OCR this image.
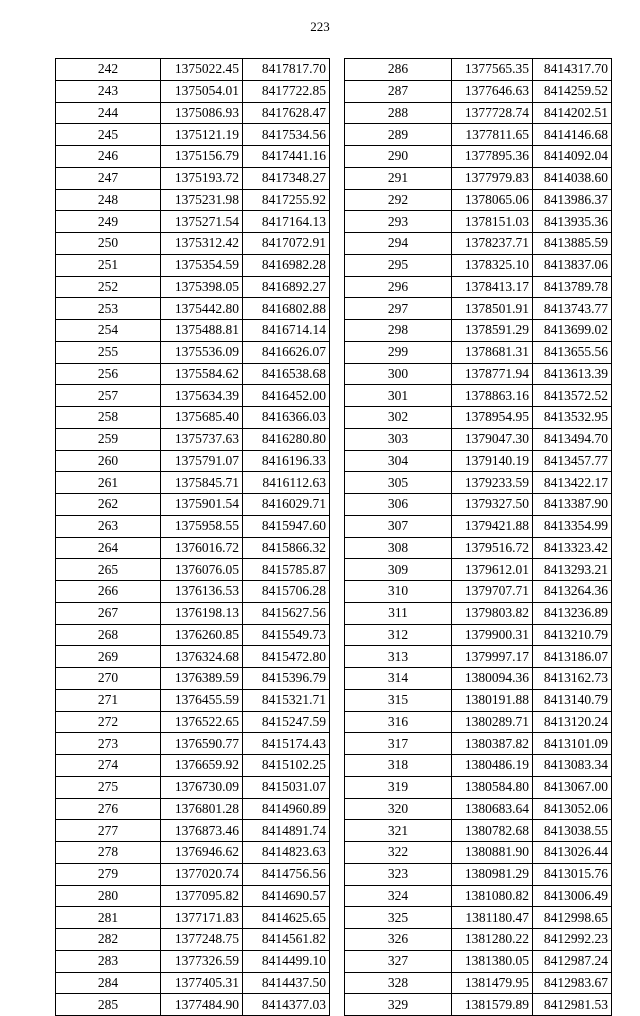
223
242	1375022.45	8417817.70
243	1375054.01	8417722.85
244	1375086.93	8417628.47
245	1375121.19	8417534.56
246	1375156.79	8417441.16
247	1375193.72	8417348.27
248	1375231.98	8417255.92
249	1375271.54	8417164.13
250	1375312.42	8417072.91
251	1375354.59	8416982.28
252	1375398.05	8416892.27
253	1375442.80	8416802.88
254	1375488.81	8416714.14
255	1375536.09	8416626.07
256	1375584.62	8416538.68
257	1375634.39	8416452.00
258	1375685.40	8416366.03
259	1375737.63	8416280.80
260	1375791.07	8416196.33
261	1375845.71	8416112.63
262	1375901.54	8416029.71
263	1375958.55	8415947.60
264	1376016.72	8415866.32
265	1376076.05	8415785.87
266	1376136.53	8415706.28
267	1376198.13	8415627.56
268	1376260.85	8415549.73
269	1376324.68	8415472.80
270	1376389.59	8415396.79
271	1376455.59	8415321.71
272	1376522.65	8415247.59
273	1376590.77	8415174.43
274	1376659.92	8415102.25
275	1376730.09	8415031.07
276	1376801.28	8414960.89
277	1376873.46	8414891.74
278	1376946.62	8414823.63
279	1377020.74	8414756.56
280	1377095.82	8414690.57
281	1377171.83	8414625.65
282	1377248.75	8414561.82
283	1377326.59	8414499.10
284	1377405.31	8414437.50
285	1377484.90	8414377.03
286	1377565.35	8414317.70
287	1377646.63	8414259.52
288	1377728.74	8414202.51
289	1377811.65	8414146.68
290	1377895.36	8414092.04
291	1377979.83	8414038.60
292	1378065.06	8413986.37
293	1378151.03	8413935.36
294	1378237.71	8413885.59
295	1378325.10	8413837.06
296	1378413.17	8413789.78
297	1378501.91	8413743.77
298	1378591.29	8413699.02
299	1378681.31	8413655.56
300	1378771.94	8413613.39
301	1378863.16	8413572.52
302	1378954.95	8413532.95
303	1379047.30	8413494.70
304	1379140.19	8413457.77
305	1379233.59	8413422.17
306	1379327.50	8413387.90
307	1379421.88	8413354.99
308	1379516.72	8413323.42
309	1379612.01	8413293.21
310	1379707.71	8413264.36
311	1379803.82	8413236.89
312	1379900.31	8413210.79
313	1379997.17	8413186.07
314	1380094.36	8413162.73
315	1380191.88	8413140.79
316	1380289.71	8413120.24
317	1380387.82	8413101.09
318	1380486.19	8413083.34
319	1380584.80	8413067.00
320	1380683.64	8413052.06
321	1380782.68	8413038.55
322	1380881.90	8413026.44
323	1380981.29	8413015.76
324	1381080.82	8413006.49
325	1381180.47	8412998.65
326	1381280.22	8412992.23
327	1381380.05	8412987.24
328	1381479.95	8412983.67
329	1381579.89	8412981.53
